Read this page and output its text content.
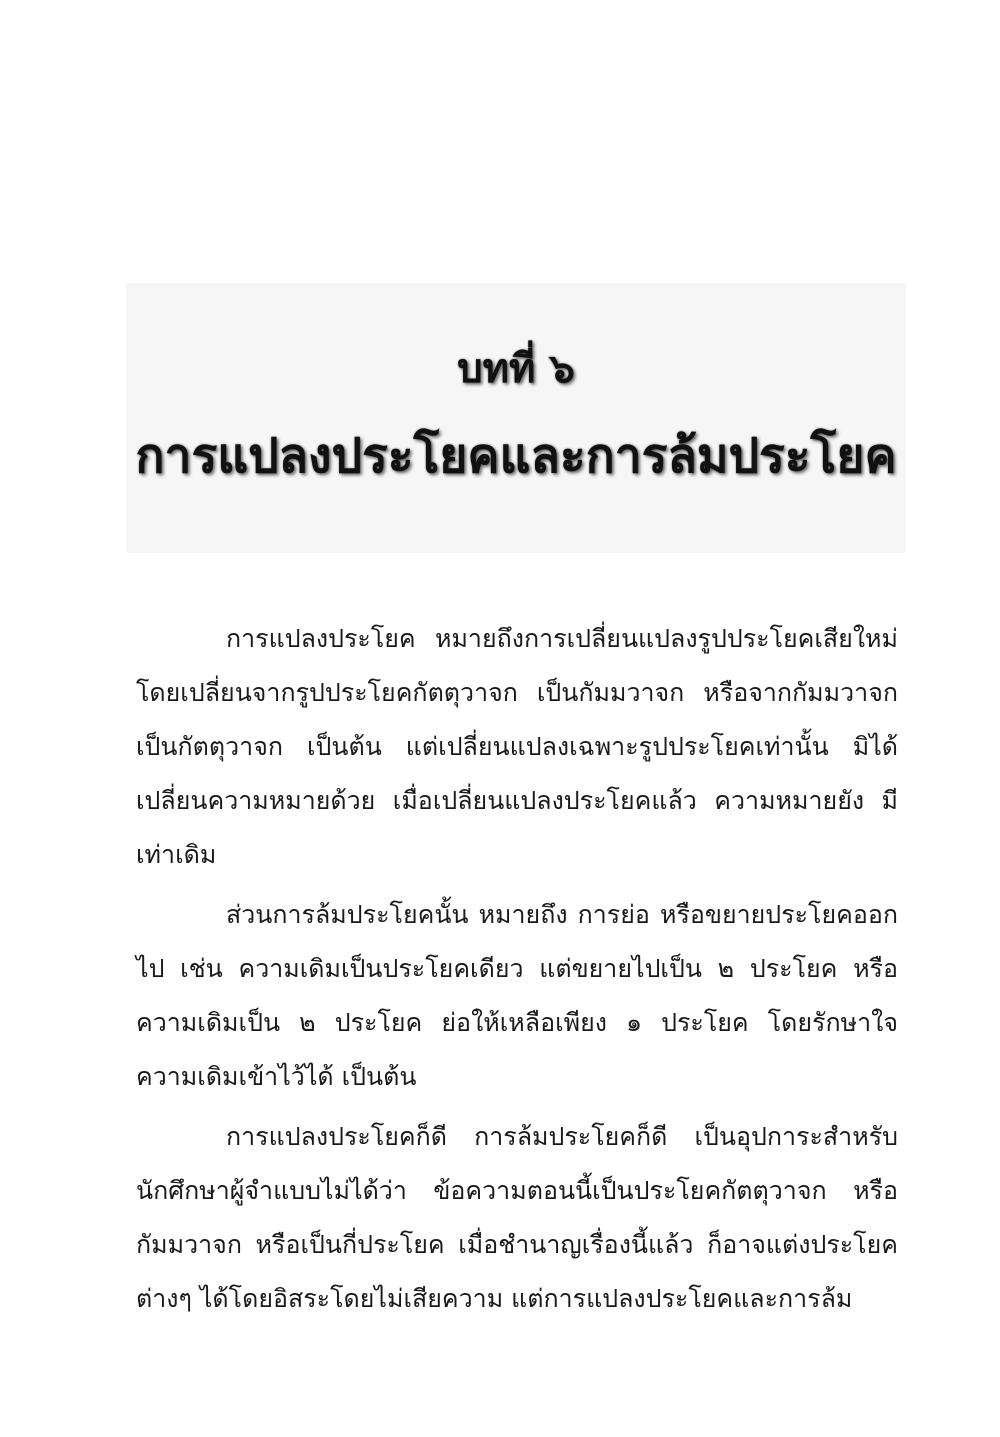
บทที่ ๖
การแปลงประโยคและการล้มประโยค

การแปลงประโยค หมายถึงการเปลี่ยนแปลงรูปประโยคเสียใหม่ โดยเปลี่ยนจากรูปประโยคกัตตุวาจก เป็นกัมมวาจก หรือจากกัมมวาจก เป็นกัตตุวาจก เป็นต้น แต่เปลี่ยนแปลงเฉพาะรูปประโยคเท่านั้น มิได้ เปลี่ยนความหมายด้วย เมื่อเปลี่ยนแปลงประโยคแล้ว ความหมายยัง มีเท่าเดิม

ส่วนการล้มประโยคนั้น หมายถึง การย่อ หรือขยายประโยคออก ไป เช่น ความเดิมเป็นประโยคเดียว แต่ขยายไปเป็น ๒ ประโยค หรือ ความเดิมเป็น ๒ ประโยค ย่อให้เหลือเพียง ๑ ประโยค โดยรักษาใจ ความเดิมเข้าไว้ได้ เป็นต้น

การแปลงประโยคก็ดี การล้มประโยคก็ดี เป็นอุปการะสำหรับ นักศึกษาผู้จำแบบไม่ได้ว่า ข้อความตอนนี้เป็นประโยคกัตตุวาจก หรือ กัมมวาจก หรือเป็นกี่ประโยค เมื่อชำนาญเรื่องนี้แล้ว ก็อาจแต่งประโยค ต่างๆ ได้โดยอิสระโดยไม่เสียความ แต่การแปลงประโยคและการล้ม
